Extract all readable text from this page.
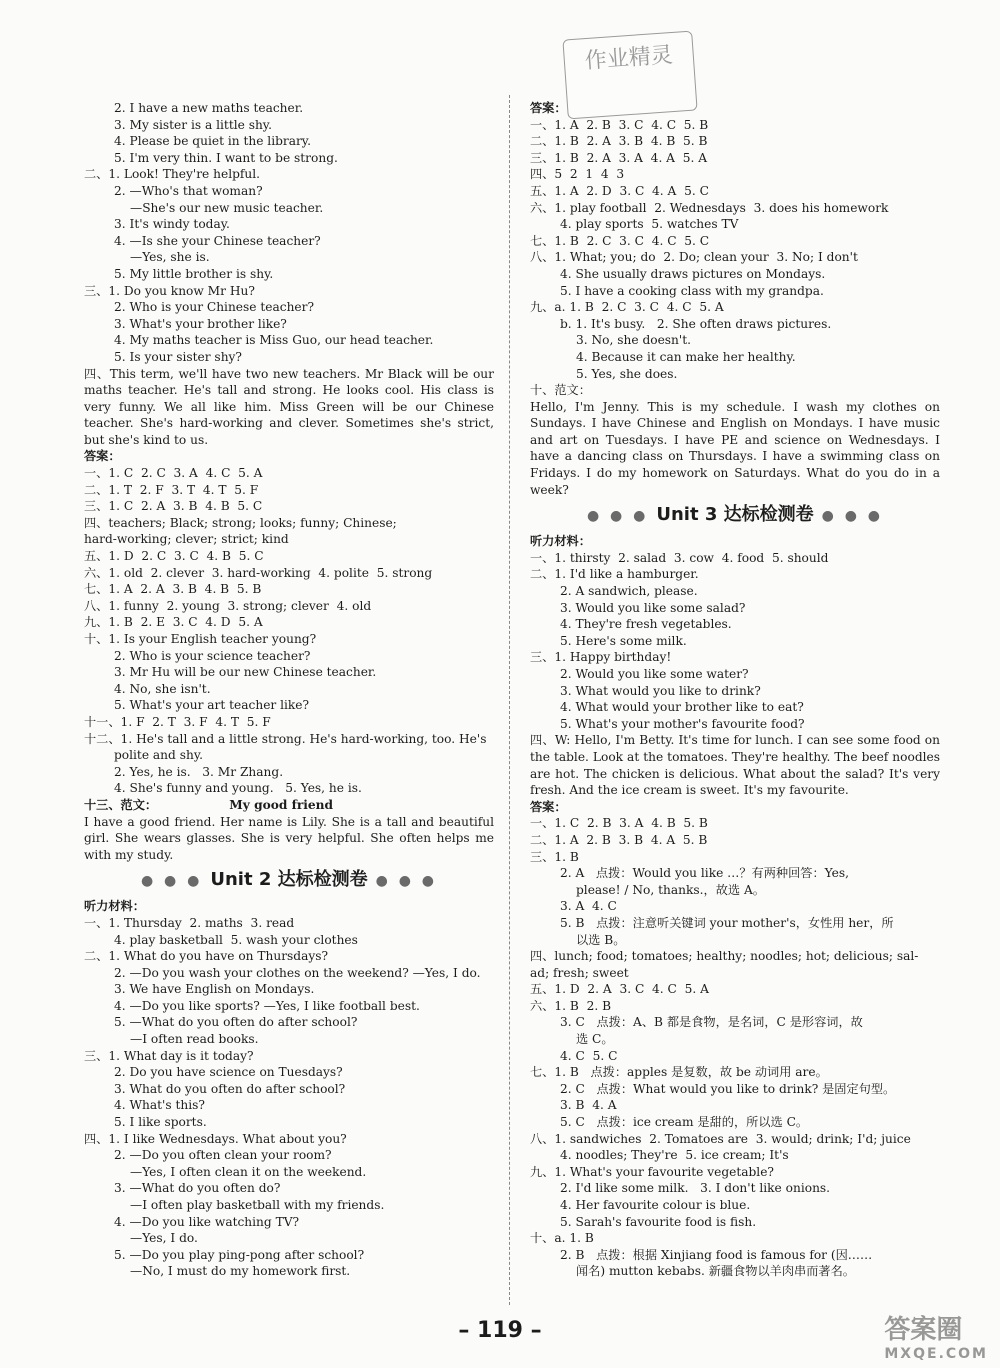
作业精灵
2. I have a new maths teacher.
3. My sister is a little shy.
4. Please be quiet in the library.
5. I'm very thin. I want to be strong.
二、1. Look! They're helpful.
2. —Who's that woman?
—She's our new music teacher.
3. It's windy today.
4. —Is she your Chinese teacher?
—Yes, she is.
5. My little brother is shy.
三、1. Do you know Mr Hu?
2. Who is your Chinese teacher?
3. What's your brother like?
4. My maths teacher is Miss Guo, our head teacher.
5. Is your sister shy?
四、This term, we'll have two new teachers. Mr Black will be our maths teacher. He's tall and strong. He looks cool. His class is very funny. We all like him. Miss Green will be our Chinese teacher. She's hard-working and clever. Sometimes she's strict, but she's kind to us.
答案：
一、1. C  2. C  3. A  4. C  5. A
二、1. T  2. F  3. T  4. T  5. F
三、1. C  2. A  3. B  4. B  5. C
四、teachers; Black; strong; looks; funny; Chinese;
hard-working; clever; strict; kind
五、1. D  2. C  3. C  4. B  5. C
六、1. old  2. clever  3. hard-working  4. polite  5. strong
七、1. A  2. A  3. B  4. B  5. B
八、1. funny  2. young  3. strong; clever  4. old
九、1. B  2. E  3. C  4. D  5. A
十、1. Is your English teacher young?
2. Who is your science teacher?
3. Mr Hu will be our new Chinese teacher.
4. No, she isn't.
5. What's your art teacher like?
十一、1. F  2. T  3. F  4. T  5. F
十二、1. He's tall and a little strong. He's hard-working, too. He's
polite and shy.
2. Yes, he is.   3. Mr Zhang.
4. She's funny and young.   5. Yes, he is.
十三、范文：                 My good friend
I have a good friend. Her name is Lily. She is a tall and beautiful girl. She wears glasses. She is very helpful. She often helps me with my study.
● ● ● Unit 2 达标检测卷 ● ● ●
听力材料：
一、1. Thursday  2. maths  3. read
4. play basketball  5. wash your clothes
二、1. What do you have on Thursdays?
2. —Do you wash your clothes on the weekend? —Yes, I do.
3. We have English on Mondays.
4. —Do you like sports? —Yes, I like football best.
5. —What do you often do after school?
—I often read books.
三、1. What day is it today?
2. Do you have science on Tuesdays?
3. What do you often do after school?
4. What's this?
5. I like sports.
四、1. I like Wednesdays. What about you?
2. —Do you often clean your room?
—Yes, I often clean it on the weekend.
3. —What do you often do?
—I often play basketball with my friends.
4. —Do you like watching TV?
—Yes, I do.
5. —Do you play ping-pong after school?
—No, I must do my homework first.
答案：
一、1. A  2. B  3. C  4. C  5. B
二、1. B  2. A  3. B  4. B  5. B
三、1. B  2. A  3. A  4. A  5. A
四、5  2  1  4  3
五、1. A  2. D  3. C  4. A  5. C
六、1. play football  2. Wednesdays  3. does his homework
4. play sports  5. watches TV
七、1. B  2. C  3. C  4. C  5. C
八、1. What; you; do  2. Do; clean your  3. No; I don't
4. She usually draws pictures on Mondays.
5. I have a cooking class with my grandpa.
九、a. 1. B  2. C  3. C  4. C  5. A
b. 1. It's busy.   2. She often draws pictures.
3. No, she doesn't.
4. Because it can make her healthy.
5. Yes, she does.
十、范文：
Hello, I'm Jenny. This is my schedule. I wash my clothes on Sundays. I have Chinese and English on Mondays. I have music and art on Tuesdays. I have PE and science on Wednesdays. I have a dancing class on Thursdays. I have a swimming class on Fridays. I do my homework on Saturdays. What do you do in a week?
● ● ● Unit 3 达标检测卷 ● ● ●
听力材料：
一、1. thirsty  2. salad  3. cow  4. food  5. should
二、1. I'd like a hamburger.
2. A sandwich, please.
3. Would you like some salad?
4. They're fresh vegetables.
5. Here's some milk.
三、1. Happy birthday!
2. Would you like some water?
3. What would you like to drink?
4. What would your brother like to eat?
5. What's your mother's favourite food?
四、W: Hello, I'm Betty. It's time for lunch. I can see some food on the table. Look at the tomatoes. They're healthy. The beef noodles are hot. The chicken is delicious. What about the salad? It's very fresh. And the ice cream is sweet. It's my favourite.
答案：
一、1. C  2. B  3. A  4. B  5. B
二、1. A  2. B  3. B  4. A  5. B
三、1. B
2. A   点拨：Would you like …？有两种回答：Yes,
please! / No, thanks.，故选 A。
3. A  4. C
5. B   点拨：注意听关键词 your mother's，女性用 her，所
以选 B。
四、lunch; food; tomatoes; healthy; noodles; hot; delicious; sal-
ad; fresh; sweet
五、1. D  2. A  3. C  4. C  5. A
六、1. B  2. B
3. C   点拨：A、B 都是食物，是名词，C 是形容词，故
选 C。
4. C  5. C
七、1. B   点拨：apples 是复数，故 be 动词用 are。
2. C   点拨：What would you like to drink? 是固定句型。
3. B  4. A
5. C   点拨：ice cream 是甜的，所以选 C。
八、1. sandwiches  2. Tomatoes are  3. would; drink; I'd; juice
4. noodles; They're  5. ice cream; It's
九、1. What's your favourite vegetable?
2. I'd like some milk.   3. I don't like onions.
4. Her favourite colour is blue.
5. Sarah's favourite food is fish.
十、a. 1. B
2. B   点拨：根据 Xinjiang food is famous for (因……
闻名) mutton kebabs. 新疆食物以羊肉串而著名。
– 119 –	答案圈
MXQE.COM
